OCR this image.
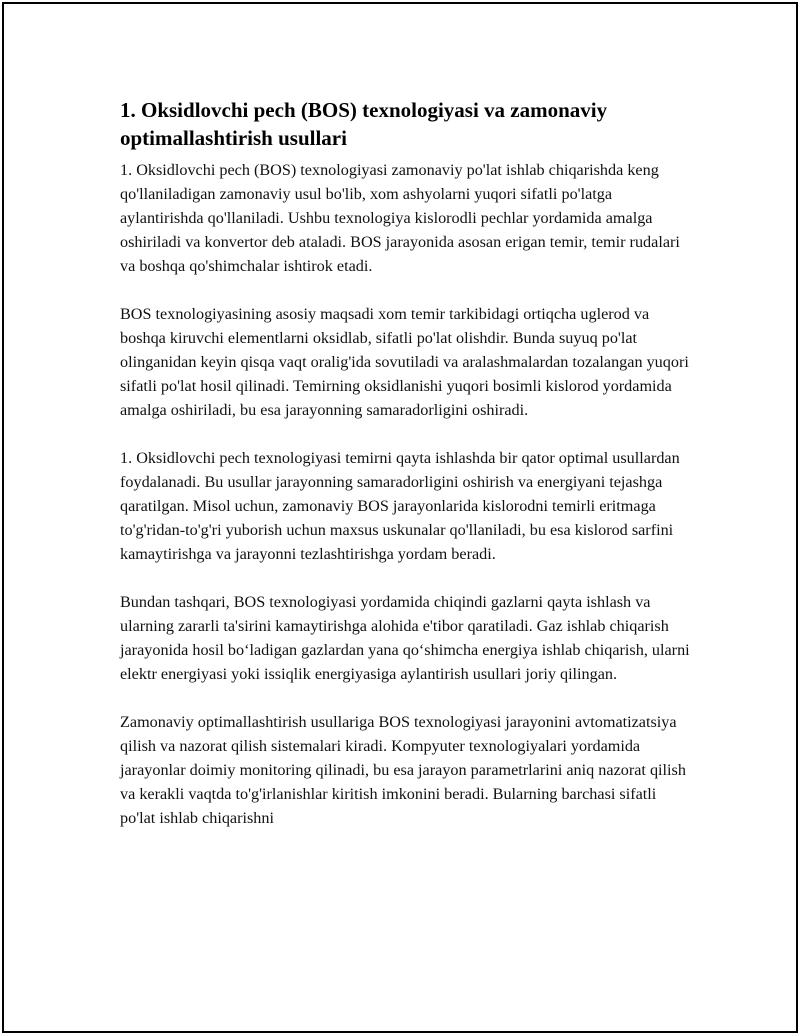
1. Oksidlovchi pech (BOS) texnologiyasi va zamonaviy optimallashtirish usullari

1. Oksidlovchi pech (BOS) texnologiyasi zamonaviy po'lat ishlab chiqarishda keng qo'llaniladigan zamonaviy usul bo'lib, xom ashyolarni yuqori sifatli po'latga aylantirishda qo'llaniladi. Ushbu texnologiya kislorodli pechlar yordamida amalga oshiriladi va konvertor deb ataladi. BOS jarayonida asosan erigan temir, temir rudalari va boshqa qo'shimchalar ishtirok etadi.

BOS texnologiyasining asosiy maqsadi xom temir tarkibidagi ortiqcha uglerod va boshqa kiruvchi elementlarni oksidlab, sifatli po'lat olishdir. Bunda suyuq po'lat olinganidan keyin qisqa vaqt oralig'ida sovutiladi va aralashmalardan tozalangan yuqori sifatli po'lat hosil qilinadi. Temirning oksidlanishi yuqori bosimli kislorod yordamida amalga oshiriladi, bu esa jarayonning samaradorligini oshiradi.

1. Oksidlovchi pech texnologiyasi temirni qayta ishlashda bir qator optimal usullardan foydalanadi. Bu usullar jarayonning samaradorligini oshirish va energiyani tejashga qaratilgan. Misol uchun, zamonaviy BOS jarayonlarida kislorodni temirli eritmaga to'g'ridan-to'g'ri yuborish uchun maxsus uskunalar qo'llaniladi, bu esa kislorod sarfini kamaytirishga va jarayonni tezlashtirishga yordam beradi.

Bundan tashqari, BOS texnologiyasi yordamida chiqindi gazlarni qayta ishlash va ularning zararli ta'sirini kamaytirishga alohida e'tibor qaratiladi. Gaz ishlab chiqarish jarayonida hosil bo‘ladigan gazlardan yana qo‘shimcha energiya ishlab chiqarish, ularni elektr energiyasi yoki issiqlik energiyasiga aylantirish usullari joriy qilingan.

Zamonaviy optimallashtirish usullariga BOS texnologiyasi jarayonini avtomatizatsiya qilish va nazorat qilish sistemalari kiradi. Kompyuter texnologiyalari yordamida jarayonlar doimiy monitoring qilinadi, bu esa jarayon parametrlarini aniq nazorat qilish va kerakli vaqtda to'g'irlanishlar kiritish imkonini beradi. Bularning barchasi sifatli po'lat ishlab chiqarishni
